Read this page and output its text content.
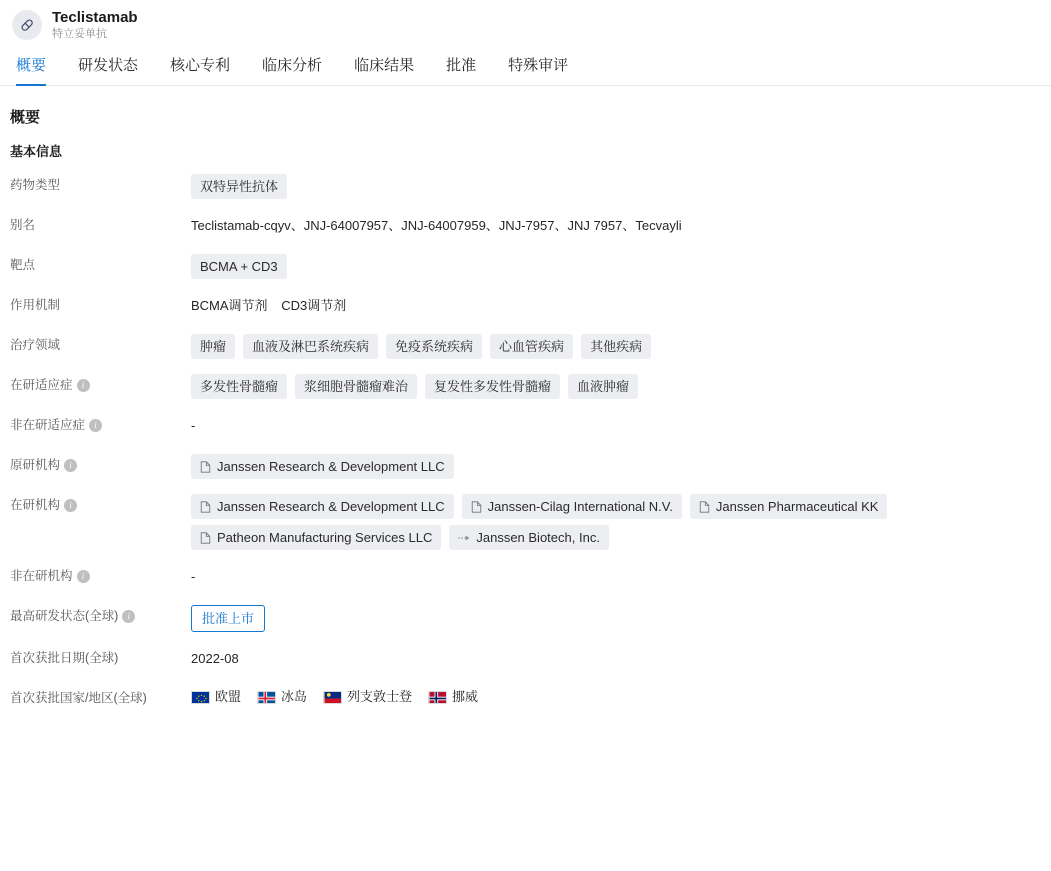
Teclistamab
特立妥单抗
概要	研发状态	核心专利	临床分析	临床结果	批准	特殊审评
概要
基本信息
药物类型	双特异性抗体
别名	Teclistamab-cqyv、JNJ-64007957、JNJ-64007959、JNJ-7957、JNJ 7957、Tecvayli
靶点	BCMA + CD3
作用机制	BCMA调节剂 CD3调节剂
治疗领域	肿瘤	血液及淋巴系统疾病	免疫系统疾病	心血管疾病	其他疾病
在研适应症	i	多发性骨髓瘤	浆细胞骨髓瘤难治	复发性多发性骨髓瘤	血液肿瘤
非在研适应症	i	-
原研机构	i	Janssen Research & Development LLC
在研机构	i	Janssen Research & Development LLC	Janssen-Cilag International N.V.	Janssen Pharmaceutical KK
Patheon Manufacturing Services LLC	Janssen Biotech, Inc.
非在研机构	i	-
最高研发状态(全球)	i	批准上市
首次获批日期(全球)	2022-08
首次获批国家/地区(全球)	欧盟	冰岛	列支敦士登	挪威
